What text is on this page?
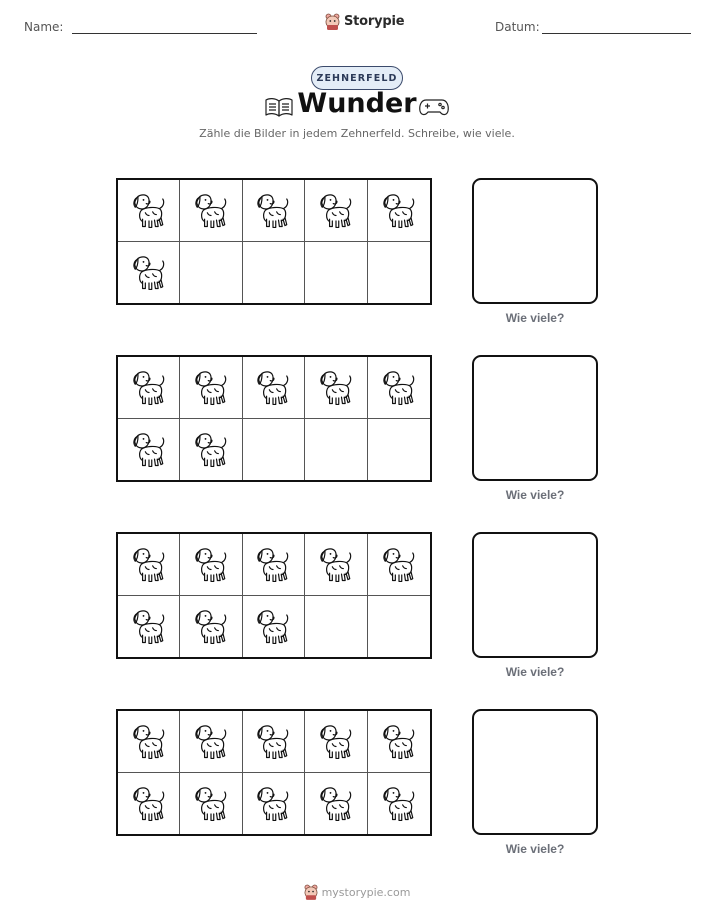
Name:	Storypie	Datum:
ZEHNERFELD
Wunder
Zähle die Bilder in jedem Zehnerfeld. Schreibe, wie viele.
Wie viele?
Wie viele?
Wie viele?
Wie viele?
mystorypie.com
